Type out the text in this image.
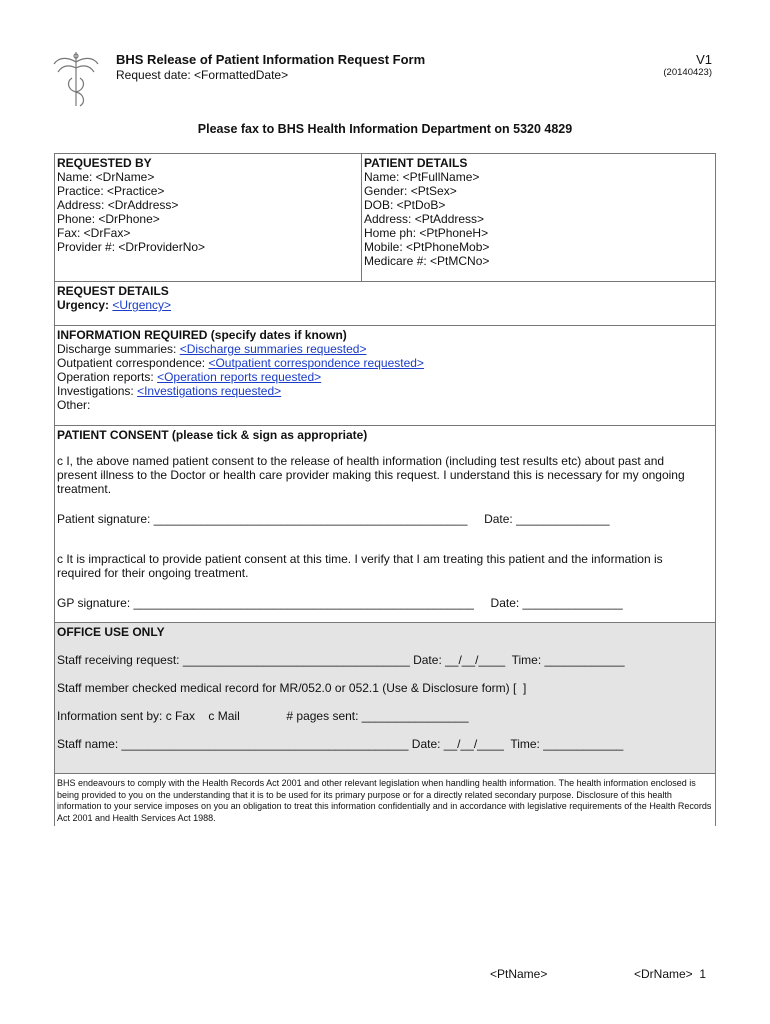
BHS Release of Patient Information Request Form
Request date: <FormattedDate>
V1
(20140423)
Please fax to BHS Health Information Department on 5320 4829
REQUESTED BY
Name: <DrName>
Practice: <Practice>
Address: <DrAddress>
Phone: <DrPhone>
Fax: <DrFax>
Provider #: <DrProviderNo>
PATIENT DETAILS
Name: <PtFullName>
Gender: <PtSex>
DOB: <PtDoB>
Address: <PtAddress>
Home ph: <PtPhoneH>
Mobile: <PtPhoneMob>
Medicare #: <PtMCNo>
REQUEST DETAILS
Urgency: <Urgency>
INFORMATION REQUIRED (specify dates if known)
Discharge summaries: <Discharge summaries requested>
Outpatient correspondence: <Outpatient correspondence requested>
Operation reports: <Operation reports requested>
Investigations: <Investigations requested>
Other:
PATIENT CONSENT (please tick & sign as appropriate)
c I, the above named patient consent to the release of health information (including test results etc) about past and present illness to the Doctor or health care provider making this request. I understand this is necessary for my ongoing treatment.
Patient signature: _______________________________________________     Date: ______________
c It is impractical to provide patient consent at this time. I verify that I am treating this patient and the information is required for their ongoing treatment.
GP signature: ___________________________________________________     Date: _______________
OFFICE USE ONLY
Staff receiving request: __________________________________ Date: __/__/____  Time: ____________
Staff member checked medical record for MR/052.0 or 052.1 (Use & Disclosure form) [  ]
Information sent by: c Fax    c Mail              # pages sent: ________________
Staff name: ___________________________________________ Date: __/__/____  Time: ____________
BHS endeavours to comply with the Health Records Act 2001 and other relevant legislation when handling health information. The health information enclosed is being provided to you on the understanding that it is to be used for its primary purpose or for a directly related secondary purpose. Disclosure of this health information to your service imposes on you an obligation to treat this information confidentially and in accordance with legislative requirements of the Health Records Act 2001 and Health Services Act 1988.
<PtName>	<DrName>  1
